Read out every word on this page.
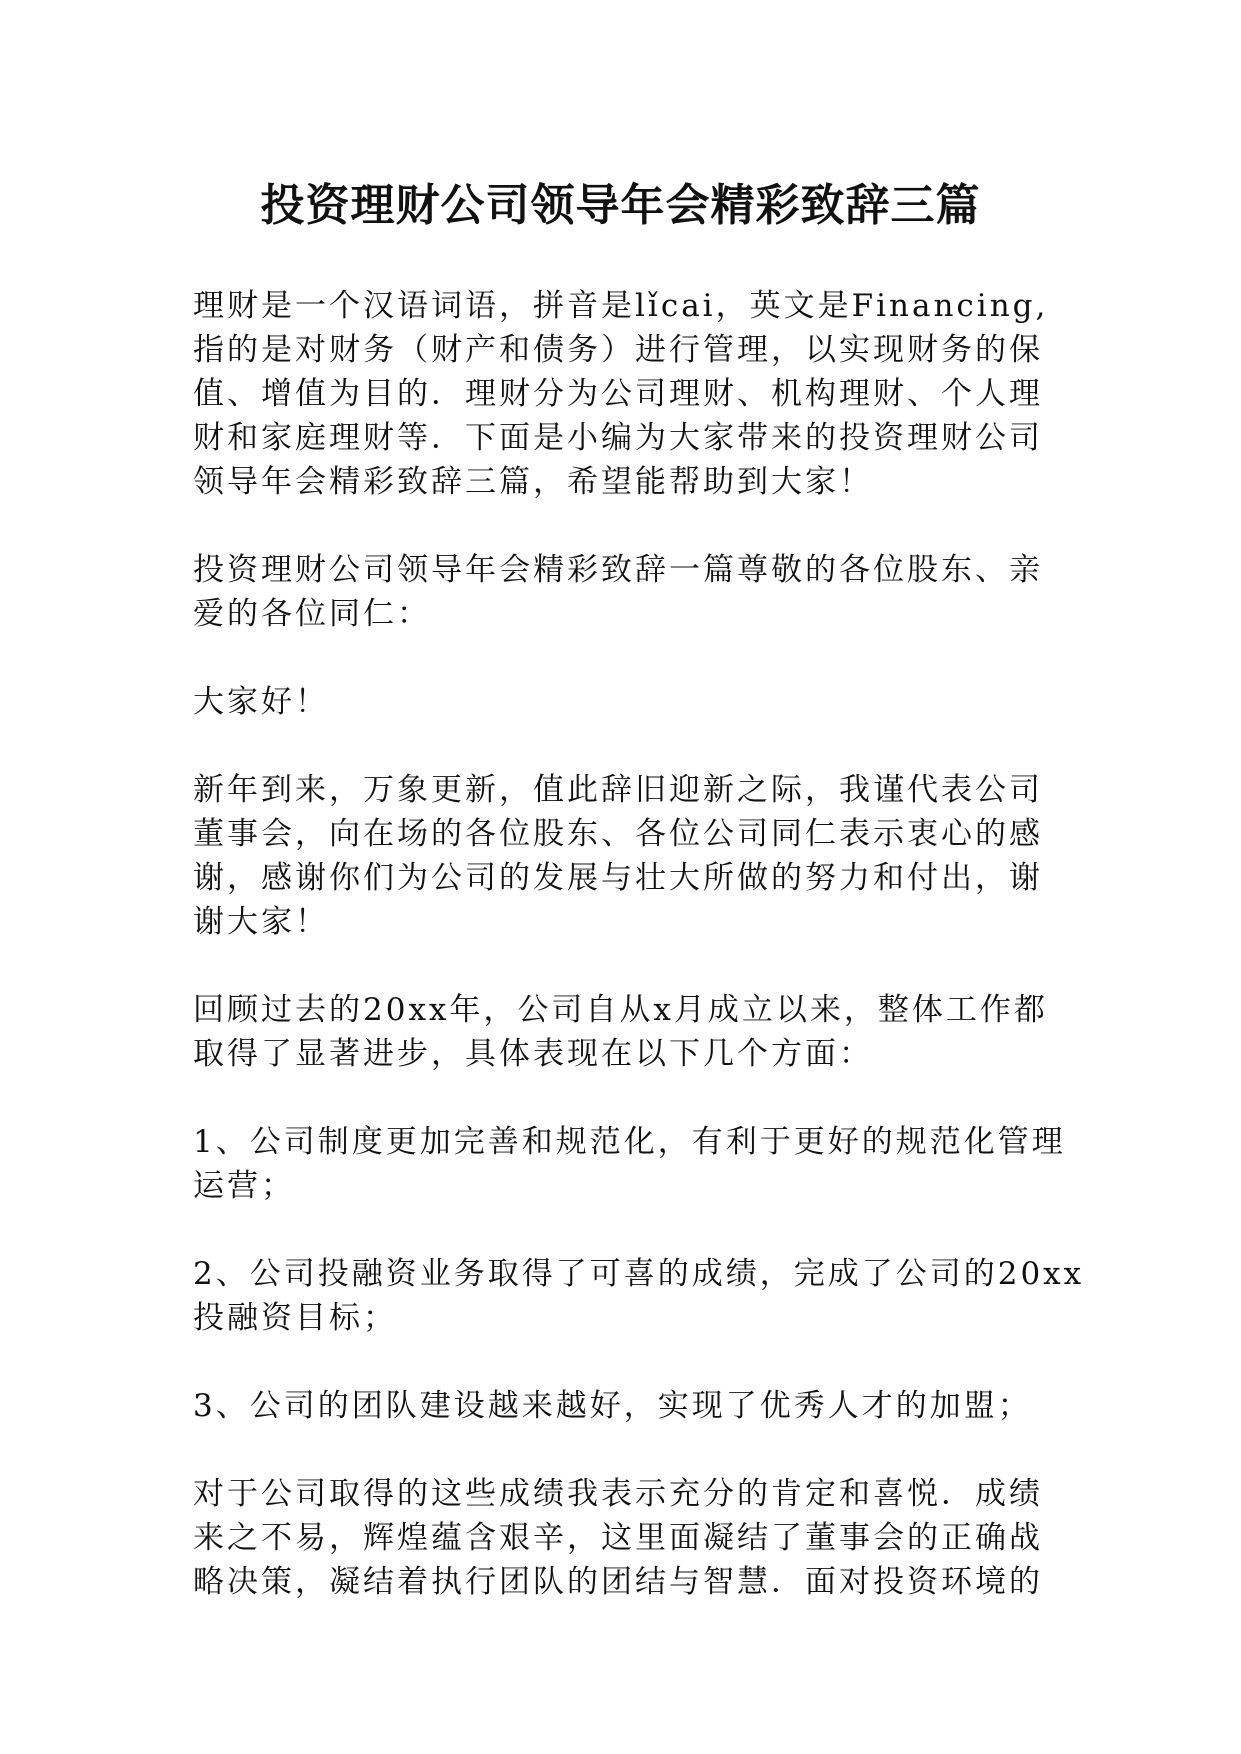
投资理财公司领导年会精彩致辞三篇

理财是一个汉语词语，拼音是lǐcai，英文是Financing,
指的是对财务（财产和债务）进行管理，以实现财务的保
值、增值为目的．理财分为公司理财、机构理财、个人理
财和家庭理财等．下面是小编为大家带来的投资理财公司
领导年会精彩致辞三篇，希望能帮助到大家！

投资理财公司领导年会精彩致辞一篇尊敬的各位股东、亲
爱的各位同仁：

大家好！

新年到来，万象更新，值此辞旧迎新之际，我谨代表公司
董事会，向在场的各位股东、各位公司同仁表示衷心的感
谢，感谢你们为公司的发展与壮大所做的努力和付出，谢
谢大家！

回顾过去的20xx年，公司自从x月成立以来，整体工作都
取得了显著进步，具体表现在以下几个方面：

1、公司制度更加完善和规范化，有利于更好的规范化管理
运营；

2、公司投融资业务取得了可喜的成绩，完成了公司的20xx
投融资目标；

3、公司的团队建设越来越好，实现了优秀人才的加盟；

对于公司取得的这些成绩我表示充分的肯定和喜悦．成绩
来之不易，辉煌蕴含艰辛，这里面凝结了董事会的正确战
略决策，凝结着执行团队的团结与智慧．面对投资环境的
